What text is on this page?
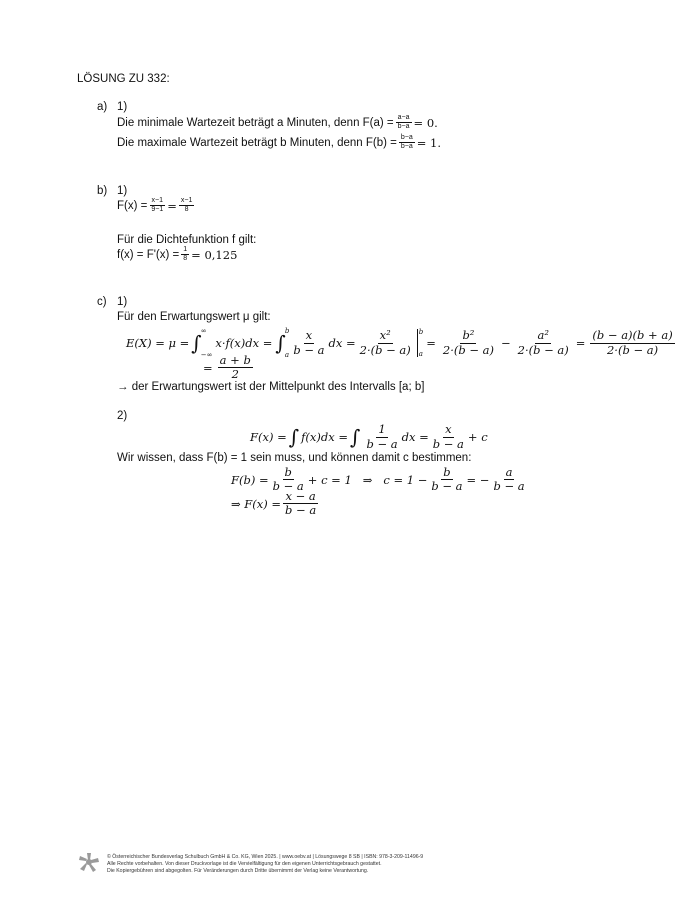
LÖSUNG ZU 332:
a) 1)
Die minimale Wartezeit beträgt a Minuten, denn $F(a) = \frac{a-a}{b-a} = 0$.
Die maximale Wartezeit beträgt b Minuten, denn $F(b) = \frac{b-a}{b-a} = 1$.
b) 1)
$F(x) = \frac{x-1}{9-1} = \frac{x-1}{8}$
Für die Dichtefunktion f gilt:
$f(x) = F'(x) = \frac{1}{8} = 0,125$
c) 1)
Für den Erwartungswert μ gilt:
E(X) = μ = ∫ ∞
−∞
x·f(x)dx = ∫ b
a $\frac{x}{b - a}$ dx = $\frac{\text{x²}}{2\cdot(b - a)}$ b
a
= $\frac{\text{b²}}{2\cdot(b - a)} - \frac{\text{a²}}{2\cdot(b - a)} = \frac{(b - a)(b + a)}{2\cdot(b - a)}$
= $\frac{a + b}{2}$
→ der Erwartungswert ist der Mittelpunkt des Intervalls [a; b]
2)
F(x) = ∫ f(x)dx = ∫ $\frac{1}{b - a}$ dx = $\frac{x}{b - a} + c$
Wir wissen, dass F(b) = 1 sein muss, und können damit c bestimmen:
$F(b) = \frac{b}{b - a} + c = 1$   ⇒   $c = 1 - \frac{b}{b - a}$ = − $\frac{a}{b - a}$
⇒ $F(x) = \frac{x - a}{b - a}$
© Österreichischer Bundesverlag Schulbuch GmbH & Co. KG, Wien 2025. | www.oebv.at | Lösungswege 8 SB | ISBN: 978-3-209-11496-9
Alle Rechte vorbehalten. Von dieser Druckvorlage ist die Vervielfältigung für den eigenen Unterrichtsgebrauch gestattet.
Die Kopiergebühren sind abgegolten. Für Veränderungen durch Dritte übernimmt der Verlag keine Verantwortung.
